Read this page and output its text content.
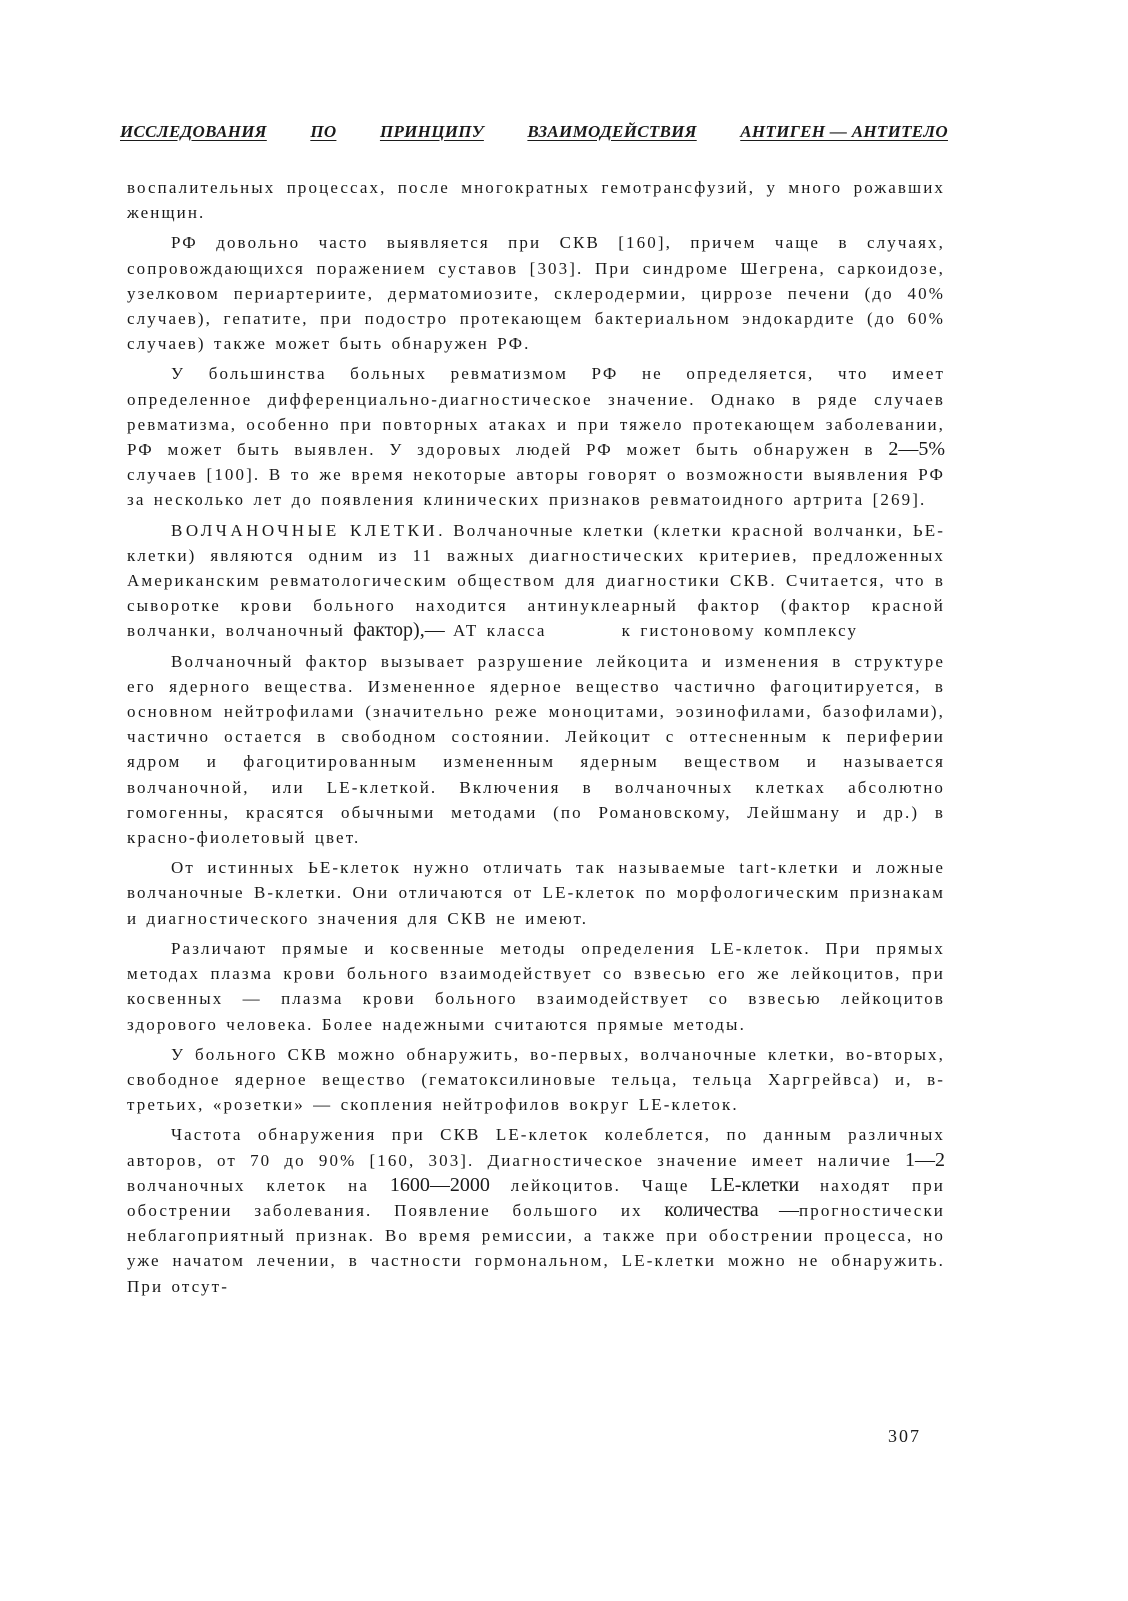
ИССЛЕДОВАНИЯ	ПО	ПРИНЦИПУ	ВЗАИМОДЕЙСТВИЯ	АНТИГЕН — АНТИТЕЛО

воспалительных процессах, после многократных гемотрансфузий, у много рожавших женщин.

РФ довольно часто выявляется при СКВ [160], причем чаще в случаях, сопровождающихся поражением суставов [303]. При синдроме Шегрена, саркоидозе, узелковом периартериите, дерматомиозите, склеродермии, циррозе печени (до 40% случаев), гепатите, при подостро протекающем бактериальном эндокардите (до 60% случаев) также может быть обнаружен РФ.

У большинства больных ревматизмом РФ не определяется, что имеет определенное дифференциально-диагностическое значение. Однако в ряде случаев ревматизма, особенно при повторных атаках и при тяжело протекающем заболевании, РФ может быть выявлен. У здоровых людей РФ может быть обнаружен в 2—5% случаев [100]. В то же время некоторые авторы говорят о возможности выявления РФ за несколько лет до появления клинических признаков ревматоидного артрита [269].

ВОЛЧАНОЧНЫЕ КЛЕТКИ. Волчаночные клетки (клетки красной волчанки, ЬЕ-клетки) являются одним из 11 важных диагностических критериев, предложенных Американским ревматологическим обществом для диагностики СКВ. Считается, что в сыворотке крови больного находится антинуклеарный фактор (фактор красной волчанки, волчаночный фактор),— АТ класса         к гистоновому комплексу

Волчаночный фактор вызывает разрушение лейкоцита и изменения в структуре его ядерного вещества. Измененное ядерное вещество частично фагоцитируется, в основном нейтрофилами (значительно реже моноцитами, эозинофилами, базофилами), частично остается в свободном состоянии. Лейкоцит с оттесненным к периферии ядром и фагоцитированным измененным ядерным веществом и называется волчаночной, или LE-клеткой. Включения в волчаночных клетках абсолютно гомогенны, красятся обычными методами (по Романовскому, Лейшману и др.) в красно-фиолетовый цвет.

От истинных ЬЕ-клеток нужно отличать так называемые tart-клетки и ложные волчаночные В-клетки. Они отличаются от LE-клеток по морфологическим признакам и диагностического значения для СКВ не имеют.

Различают прямые и косвенные методы определения LE-клеток. При прямых методах плазма крови больного взаимодействует со взвесью его же лейкоцитов, при косвенных — плазма крови больного взаимодействует со взвесью лейкоцитов здорового человека. Более надежными считаются прямые методы.

У больного СКВ можно обнаружить, во-первых, волчаночные клетки, во-вторых, свободное ядерное вещество (гематоксилиновые тельца, тельца Харгрейвса) и, в-третьих, «розетки» — скопления нейтрофилов вокруг LE-клеток.

Частота обнаружения при СКВ LE-клеток колеблется, по данным различных авторов, от 70 до 90% [160, 303]. Диагностическое значение имеет наличие 1—2 волчаночных клеток на 1600—2000 лейкоцитов. Чаще LE-клетки находят при обострении заболевания. Появление большого их количества —прогностически неблагоприятный признак. Во время ремиссии, а также при обострении процесса, но уже начатом лечении, в частности гормональном, LE-клетки можно не обнаружить. При отсут-

307
